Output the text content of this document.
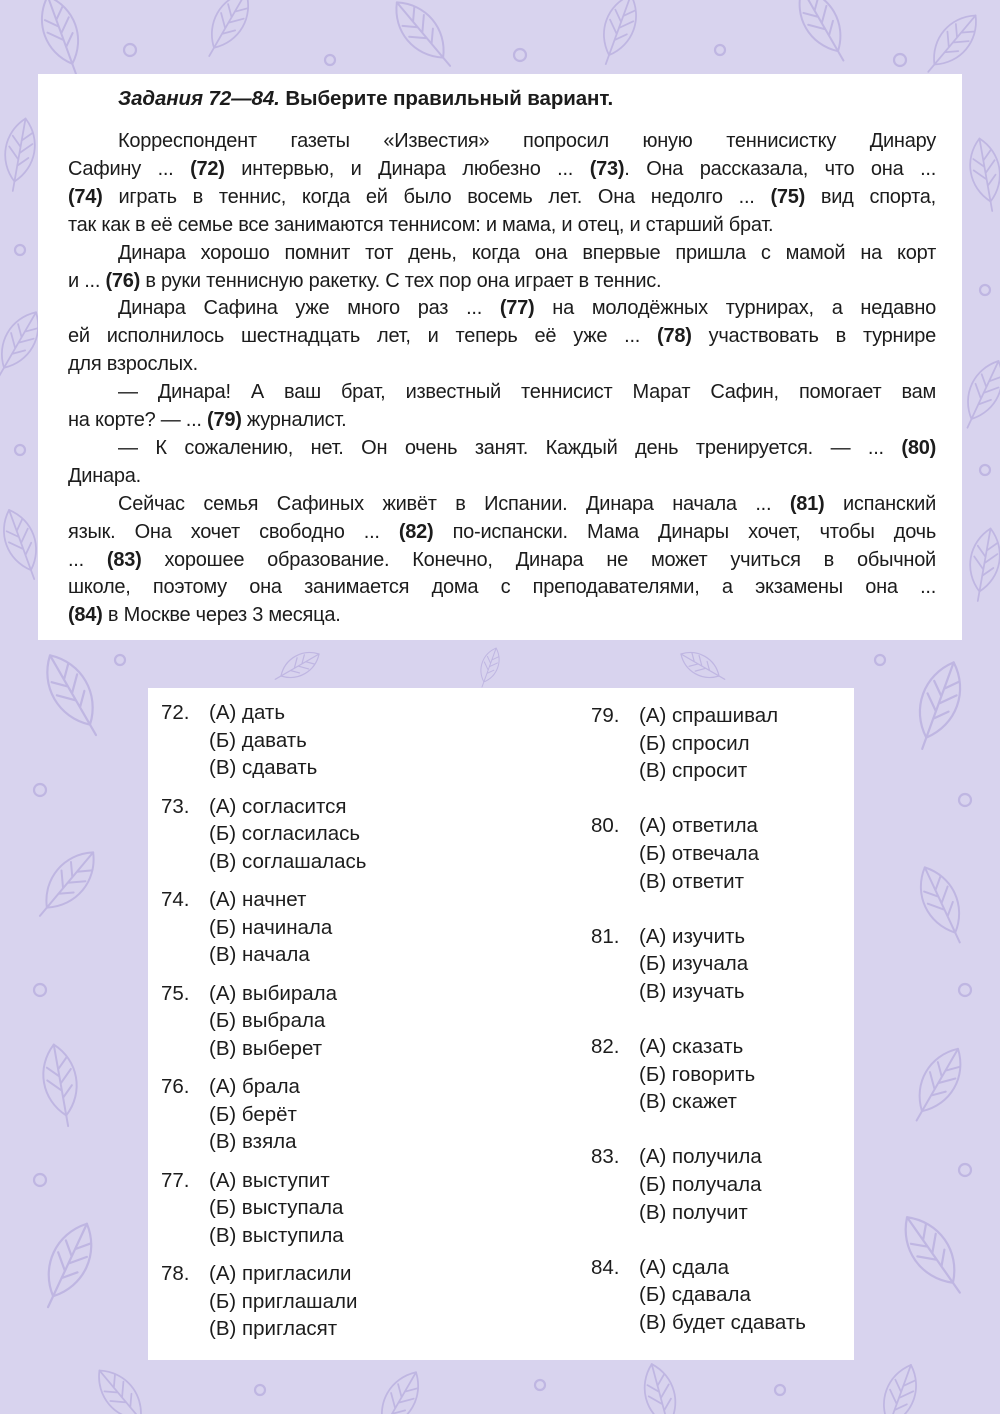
Задания 72—84. Выберите правильный вариант.
Корреспондент газеты «Известия» попросил юную теннисистку Динару
Сафину ... (72) интервью, и Динара любезно ... (73). Она рассказала, что она ...
(74) играть в теннис, когда ей было восемь лет. Она недолго ... (75) вид спорта,
так как в её семье все занимаются теннисом: и мама, и отец, и старший брат.
Динара хорошо помнит тот день, когда она впервые пришла с мамой на корт
и ... (76) в руки теннисную ракетку. С тех пор она играет в теннис.
Динара Сафина уже много раз ... (77) на молодёжных турнирах, а недавно
ей исполнилось шестнадцать лет, и теперь её уже ... (78) участвовать в турнире
для взрослых.
— Динара! А ваш брат, известный теннисист Марат Сафин, помогает вам
на корте? — ... (79) журналист.
— К сожалению, нет. Он очень занят. Каждый день тренируется. — ... (80)
Динара.
Сейчас семья Сафиных живёт в Испании. Динара начала ... (81) испанский
язык. Она хочет свободно ... (82) по-испански. Мама Динары хочет, чтобы дочь
... (83) хорошее образование. Конечно, Динара не может учиться в обычной
школе, поэтому она занимается дома с преподавателями, а экзамены она ...
(84) в Москве через 3 месяца.
72. (А) дать
(Б) давать
(В) сдавать
73. (А) согласится
(Б) согласилась
(В) соглашалась
74. (А) начнет
(Б) начинала
(В) начала
75. (А) выбирала
(Б) выбрала
(В) выберет
76. (А) брала
(Б) берёт
(В) взяла
77. (А) выступит
(Б) выступала
(В) выступила
78. (А) пригласили
(Б) приглашали
(В) пригласят
79. (А) спрашивал
(Б) спросил
(В) спросит
80. (А) ответила
(Б) отвечала
(В) ответит
81. (А) изучить
(Б) изучала
(В) изучать
82. (А) сказать
(Б) говорить
(В) скажет
83. (А) получила
(Б) получала
(В) получит
84. (А) сдала
(Б) сдавала
(В) будет сдавать
